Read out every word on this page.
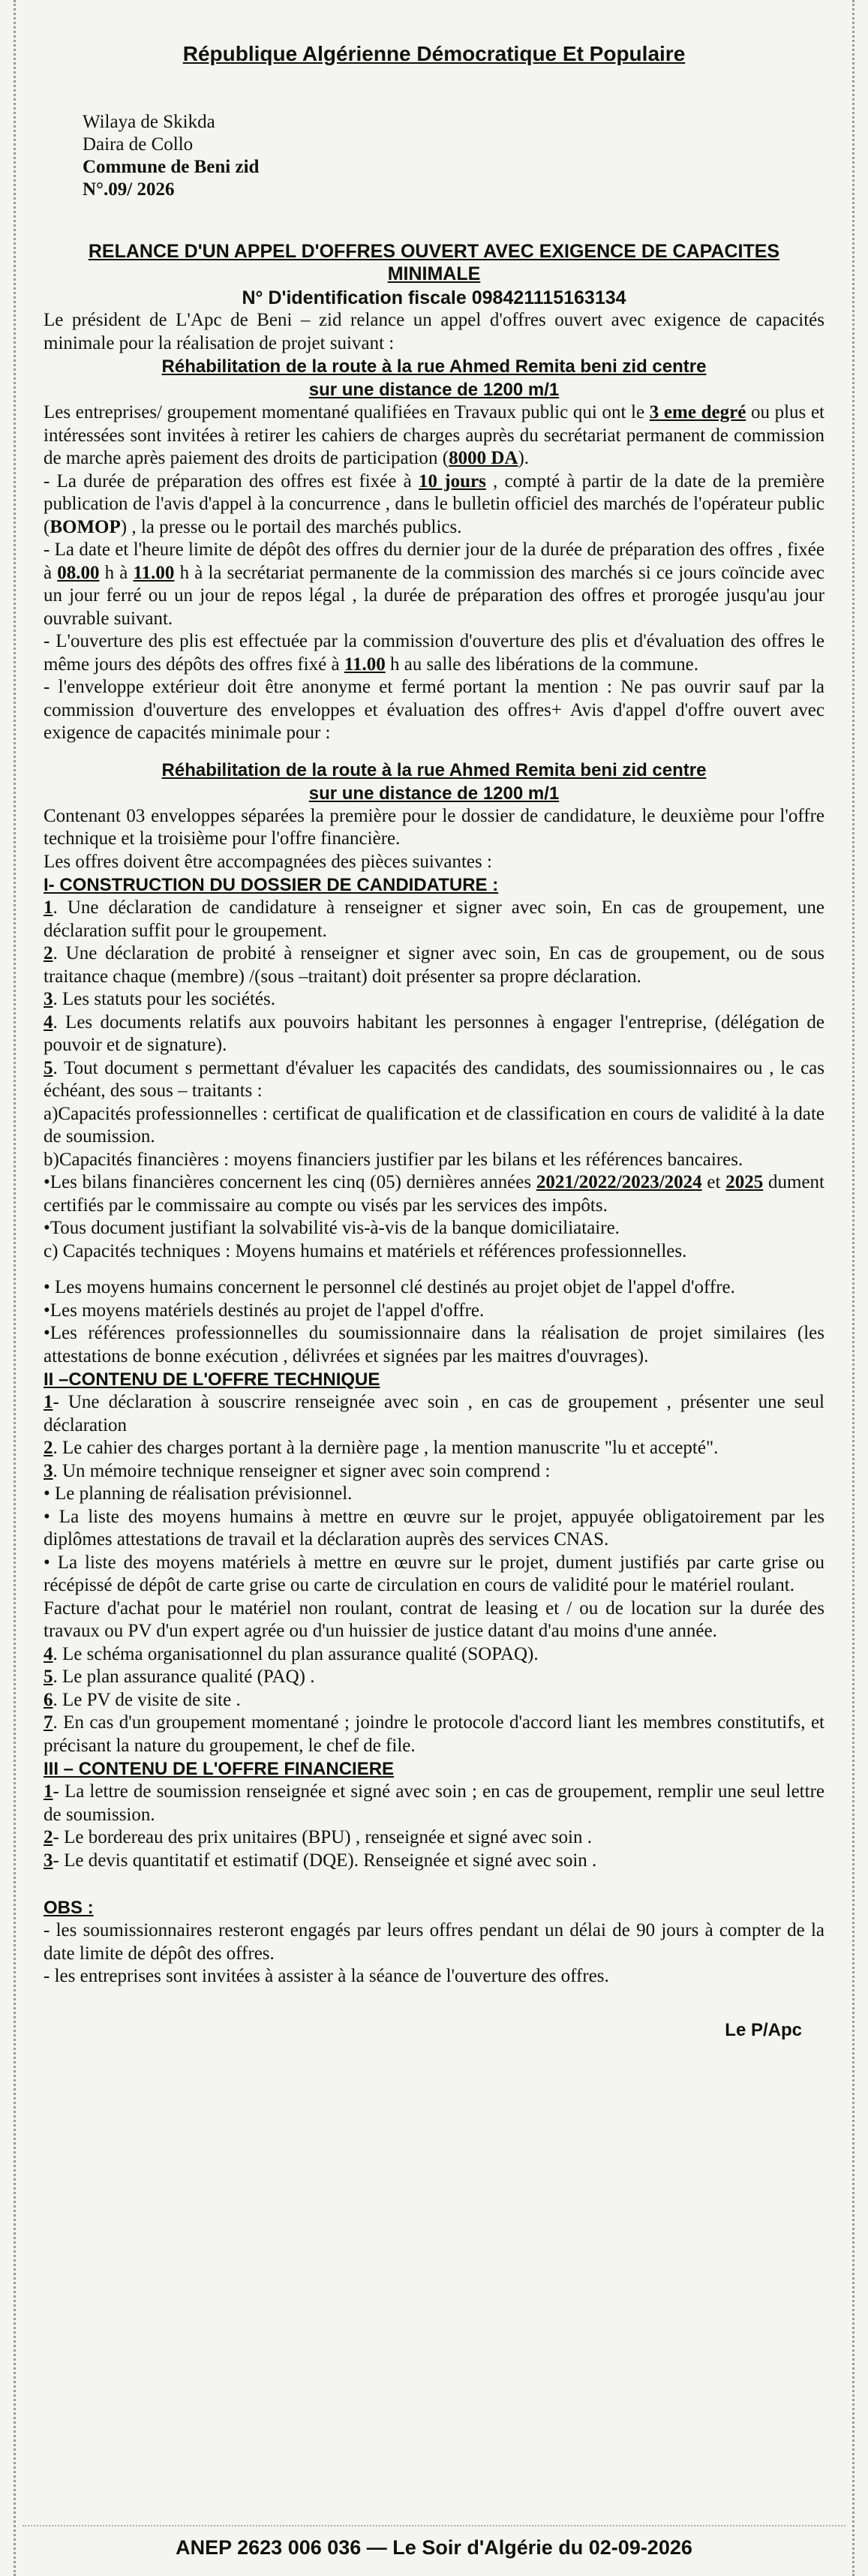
République Algérienne Démocratique Et Populaire
Wilaya de Skikda
Daira de Collo
Commune de Beni zid
N°.09/ 2026
RELANCE D'UN APPEL D'OFFRES OUVERT AVEC EXIGENCE DE CAPACITES MINIMALE
N° D'identification fiscale 098421115163134

Le président de L'Apc de Beni – zid relance un appel d'offres ouvert avec exigence de capacités minimale pour la réalisation de projet suivant :

Réhabilitation de la route à la rue Ahmed Remita beni zid centre
sur une distance de 1200 m/1

Les entreprises/ groupement momentané qualifiées en Travaux public qui ont le 3 eme degré ou plus et intéressées sont invitées à retirer les cahiers de charges auprès du secrétariat permanent de commission de marche après paiement des droits de participation (8000 DA).

- La durée de préparation des offres est fixée à 10 jours , compté à partir de la date de la première publication de l'avis d'appel à la concurrence , dans le bulletin officiel des marchés de l'opérateur public (BOMOP) , la presse ou le portail des marchés publics.

- La date et l'heure limite de dépôt des offres du dernier jour de la durée de préparation des offres , fixée à 08.00 h à 11.00 h à la secrétariat permanente de la commission des marchés si ce jours coïncide avec un jour ferré ou un jour de repos légal , la durée de préparation des offres et prorogée jusqu'au jour ouvrable suivant.

- L'ouverture des plis est effectuée par la commission d'ouverture des plis et d'évaluation des offres le même jours des dépôts des offres fixé à 11.00 h au salle des libérations de la commune.

- l'enveloppe extérieur doit être anonyme et fermé portant la mention : Ne pas ouvrir sauf par la commission d'ouverture des enveloppes et évaluation des offres+ Avis d'appel d'offre ouvert avec exigence de capacités minimale pour :

Réhabilitation de la route à la rue Ahmed Remita beni zid centre
sur une distance de 1200 m/1

Contenant 03 enveloppes séparées la première pour le dossier de candidature, le deuxième pour l'offre technique et la troisième pour l'offre financière.

Les offres doivent être accompagnées des pièces suivantes :

I- CONSTRUCTION DU DOSSIER DE CANDIDATURE :

1. Une déclaration de candidature à renseigner et signer avec soin, En cas de groupement, une déclaration suffit pour le groupement.

2. Une déclaration de probité à renseigner et signer avec soin, En cas de groupement, ou de sous traitance chaque (membre) /(sous –traitant) doit présenter sa propre déclaration.

3. Les statuts pour les sociétés.

4. Les documents relatifs aux pouvoirs habitant les personnes à engager l'entreprise, (délégation de pouvoir et de signature).

5. Tout document s permettant d'évaluer les capacités des candidats, des soumissionnaires ou , le cas échéant, des sous – traitants :

a)Capacités professionnelles : certificat de qualification et de classification en cours de validité à la date de soumission.

b)Capacités financières : moyens financiers justifier par les bilans et les références bancaires.

•Les bilans financières concernent les cinq (05) dernières années 2021/2022/2023/2024 et 2025 dument certifiés par le commissaire au compte ou visés par les services des impôts.

•Tous document justifiant la solvabilité vis-à-vis de la banque domiciliataire.

c) Capacités techniques : Moyens humains et matériels et références professionnelles.

• Les moyens humains concernent le personnel clé destinés au projet objet de l'appel d'offre.

•Les moyens matériels destinés au projet de l'appel d'offre.

•Les références professionnelles du soumissionnaire dans la réalisation de projet similaires (les attestations de bonne exécution , délivrées et signées par les maitres d'ouvrages).

II –CONTENU DE L'OFFRE TECHNIQUE

1- Une déclaration à souscrire renseignée avec soin , en cas de groupement , présenter une seul déclaration

2. Le cahier des charges portant à la dernière page , la mention manuscrite "lu et accepté".

3. Un mémoire technique renseigner et signer avec soin comprend :

• Le planning de réalisation prévisionnel.

• La liste des moyens humains à mettre en œuvre sur le projet, appuyée obligatoirement par les diplômes attestations de travail et la déclaration auprès des services CNAS.

• La liste des moyens matériels à mettre en œuvre sur le projet, dument justifiés par carte grise ou récépissé de dépôt de carte grise ou carte de circulation en cours de validité pour le matériel roulant.

Facture d'achat pour le matériel non roulant, contrat de leasing et / ou de location sur la durée des travaux ou PV d'un expert agrée ou d'un huissier de justice datant d'au moins d'une année.

4. Le schéma organisationnel du plan assurance qualité (SOPAQ).

5. Le plan assurance qualité (PAQ) .

6. Le PV de visite de site .

7. En cas d'un groupement momentané ; joindre le protocole d'accord liant les membres constitutifs, et précisant la nature du groupement, le chef de file.

III – CONTENU DE L'OFFRE FINANCIERE

1- La lettre de soumission renseignée et signé avec soin ; en cas de groupement, remplir une seul lettre de soumission.

2- Le bordereau des prix unitaires (BPU) , renseignée et signé avec soin .

3- Le devis quantitatif et estimatif (DQE). Renseignée et signé avec soin .

OBS :

- les soumissionnaires resteront engagés par leurs offres pendant un délai de 90 jours à compter de la date limite de dépôt des offres.

- les entreprises sont invitées à assister à la séance de l'ouverture des offres.

Le P/Apc
ANEP 2623 006 036 — Le Soir d'Algérie du 02-09-2026
